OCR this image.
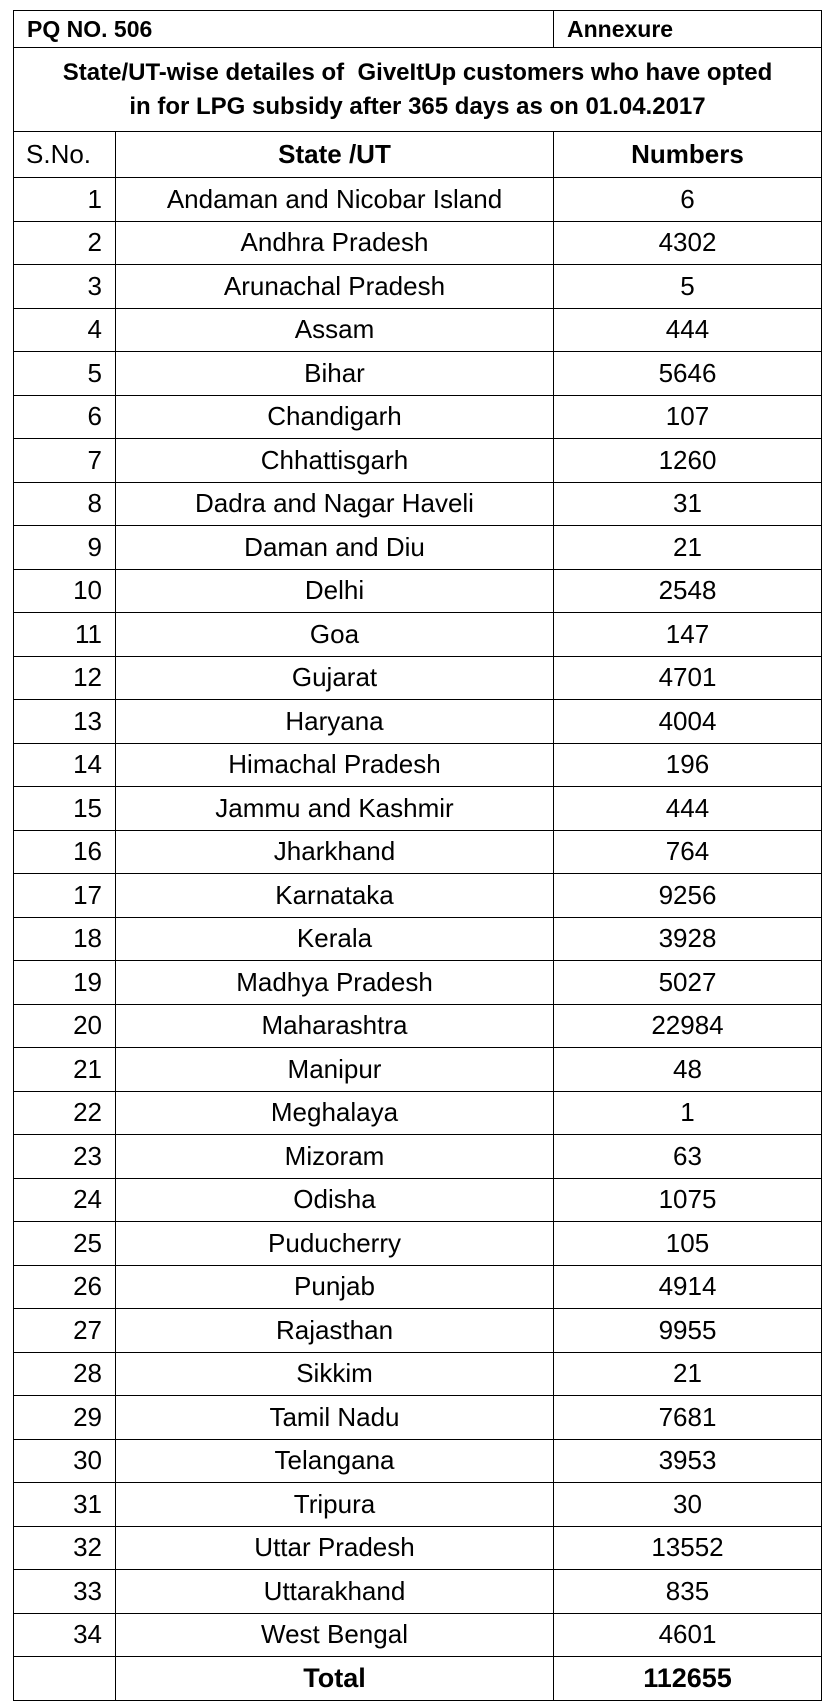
PQ NO. 506		Annexure

State/UT-wise detailes of  GiveItUp customers who have opted
in for LPG subsidy after 365 days as on 01.04.2017		

S.No.	State /UT	Numbers
1	Andaman and Nicobar Island	6
2	Andhra Pradesh	4302
3	Arunachal Pradesh	5
4	Assam	444
5	Bihar	5646
6	Chandigarh	107
7	Chhattisgarh	1260
8	Dadra and Nagar Haveli	31
9	Daman and Diu	21
10	Delhi	2548
11	Goa	147
12	Gujarat	4701
13	Haryana	4004
14	Himachal Pradesh	196
15	Jammu and Kashmir	444
16	Jharkhand	764
17	Karnataka	9256
18	Kerala	3928
19	Madhya Pradesh	5027
20	Maharashtra	22984
21	Manipur	48
22	Meghalaya	1
23	Mizoram	63
24	Odisha	1075
25	Puducherry	105
26	Punjab	4914
27	Rajasthan	9955
28	Sikkim	21
29	Tamil Nadu	7681
30	Telangana	3953
31	Tripura	30
32	Uttar Pradesh	13552
33	Uttarakhand	835
34	West Bengal	4601
	Total	112655
